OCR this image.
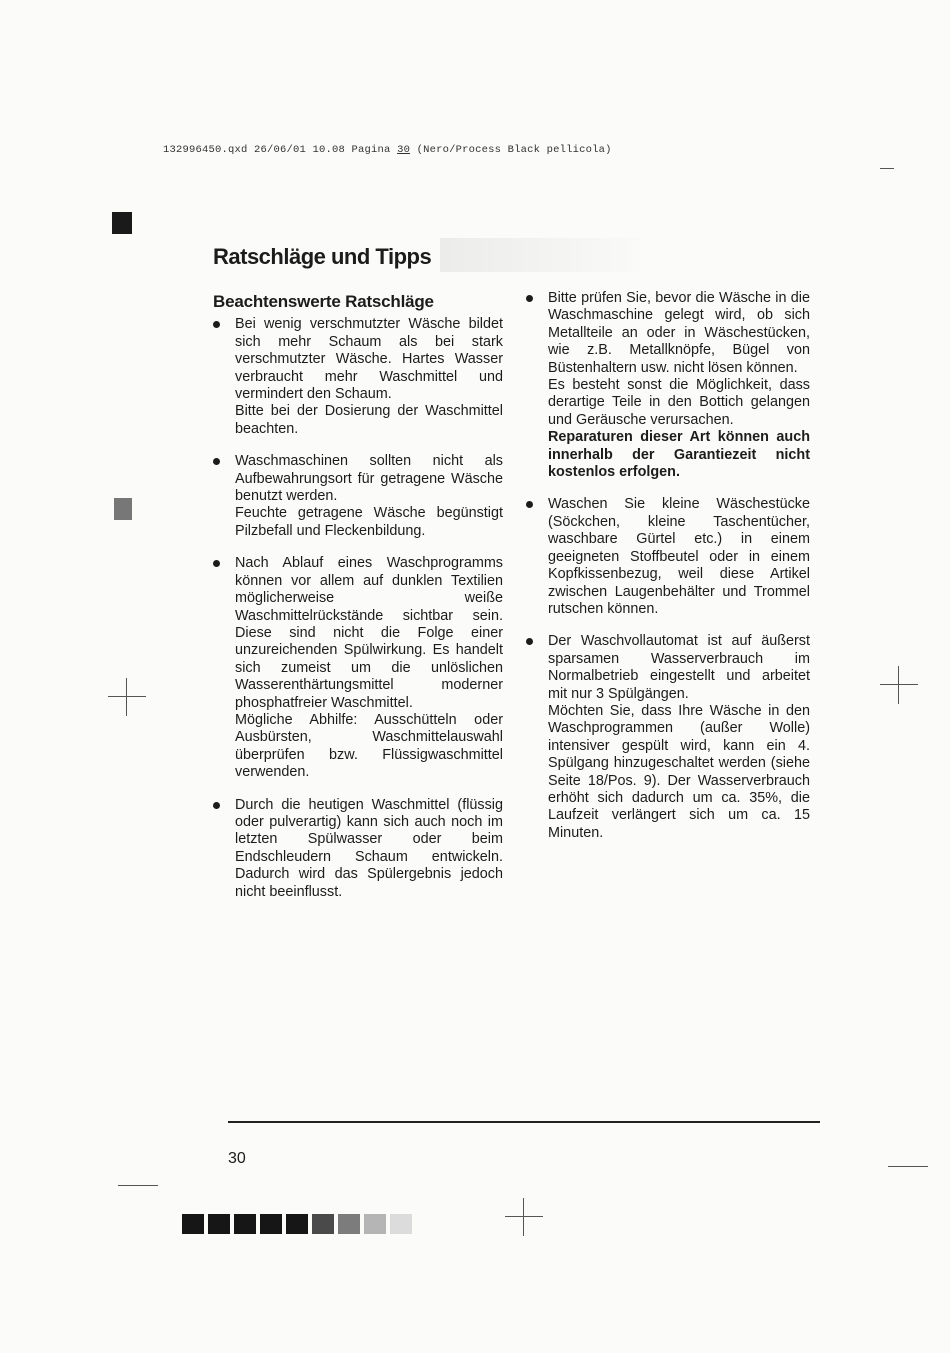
132996450.qxd 26/06/01 10.08 Pagina 30 (Nero/Process Black pellicola)
Ratschläge und Tipps
Beachtenswerte Ratschläge

Bei wenig verschmutzter Wäsche bildet sich mehr Schaum als bei stark verschmutzter Wäsche. Hartes Wasser verbraucht mehr Waschmittel und vermindert den Schaum.

Bitte bei der Dosierung der Waschmittel beachten.

Waschmaschinen sollten nicht als Aufbewahrungsort für getragene Wäsche benutzt werden.

Feuchte getragene Wäsche begünstigt Pilzbefall und Fleckenbildung.

Nach Ablauf eines Waschprogramms können vor allem auf dunklen Textilien möglicherweise weiße Waschmittelrückstände sichtbar sein. Diese sind nicht die Folge einer unzureichenden Spülwirkung. Es handelt sich zumeist um die unlöslichen Wasserenthärtungsmittel moderner phosphatfreier Waschmittel.

Mögliche Abhilfe: Ausschütteln oder Ausbürsten, Waschmittelauswahl überprüfen bzw. Flüssigwaschmittel verwenden.

Durch die heutigen Waschmittel (flüssig oder pulverartig) kann sich auch noch im letzten Spülwasser oder beim Endschleudern Schaum entwickeln. Dadurch wird das Spülergebnis jedoch nicht beeinflusst.

Bitte prüfen Sie, bevor die Wäsche in die Waschmaschine gelegt wird, ob sich Metallteile an oder in Wäschestücken, wie z.B. Metallknöpfe, Bügel von Büstenhaltern usw. nicht lösen können.

Es besteht sonst die Möglichkeit, dass derartige Teile in den Bottich gelangen und Geräusche verursachen.

Reparaturen dieser Art können auch innerhalb der Garantiezeit nicht kostenlos erfolgen.

Waschen Sie kleine Wäschestücke (Söckchen, kleine Taschentücher, waschbare Gürtel etc.) in einem geeigneten Stoffbeutel oder in einem Kopfkissenbezug, weil diese Artikel zwischen Laugenbehälter und Trommel rutschen können.

Der Waschvollautomat ist auf äußerst sparsamen Wasserverbrauch im Normalbetrieb eingestellt und arbeitet mit nur 3 Spülgängen.

Möchten Sie, dass Ihre Wäsche in den Waschprogrammen (außer Wolle) intensiver gespült wird, kann ein 4. Spülgang hinzugeschaltet werden (siehe Seite 18/Pos. 9). Der Wasserverbrauch erhöht sich dadurch um ca. 35%, die Laufzeit verlängert sich um ca. 15 Minuten.

30
